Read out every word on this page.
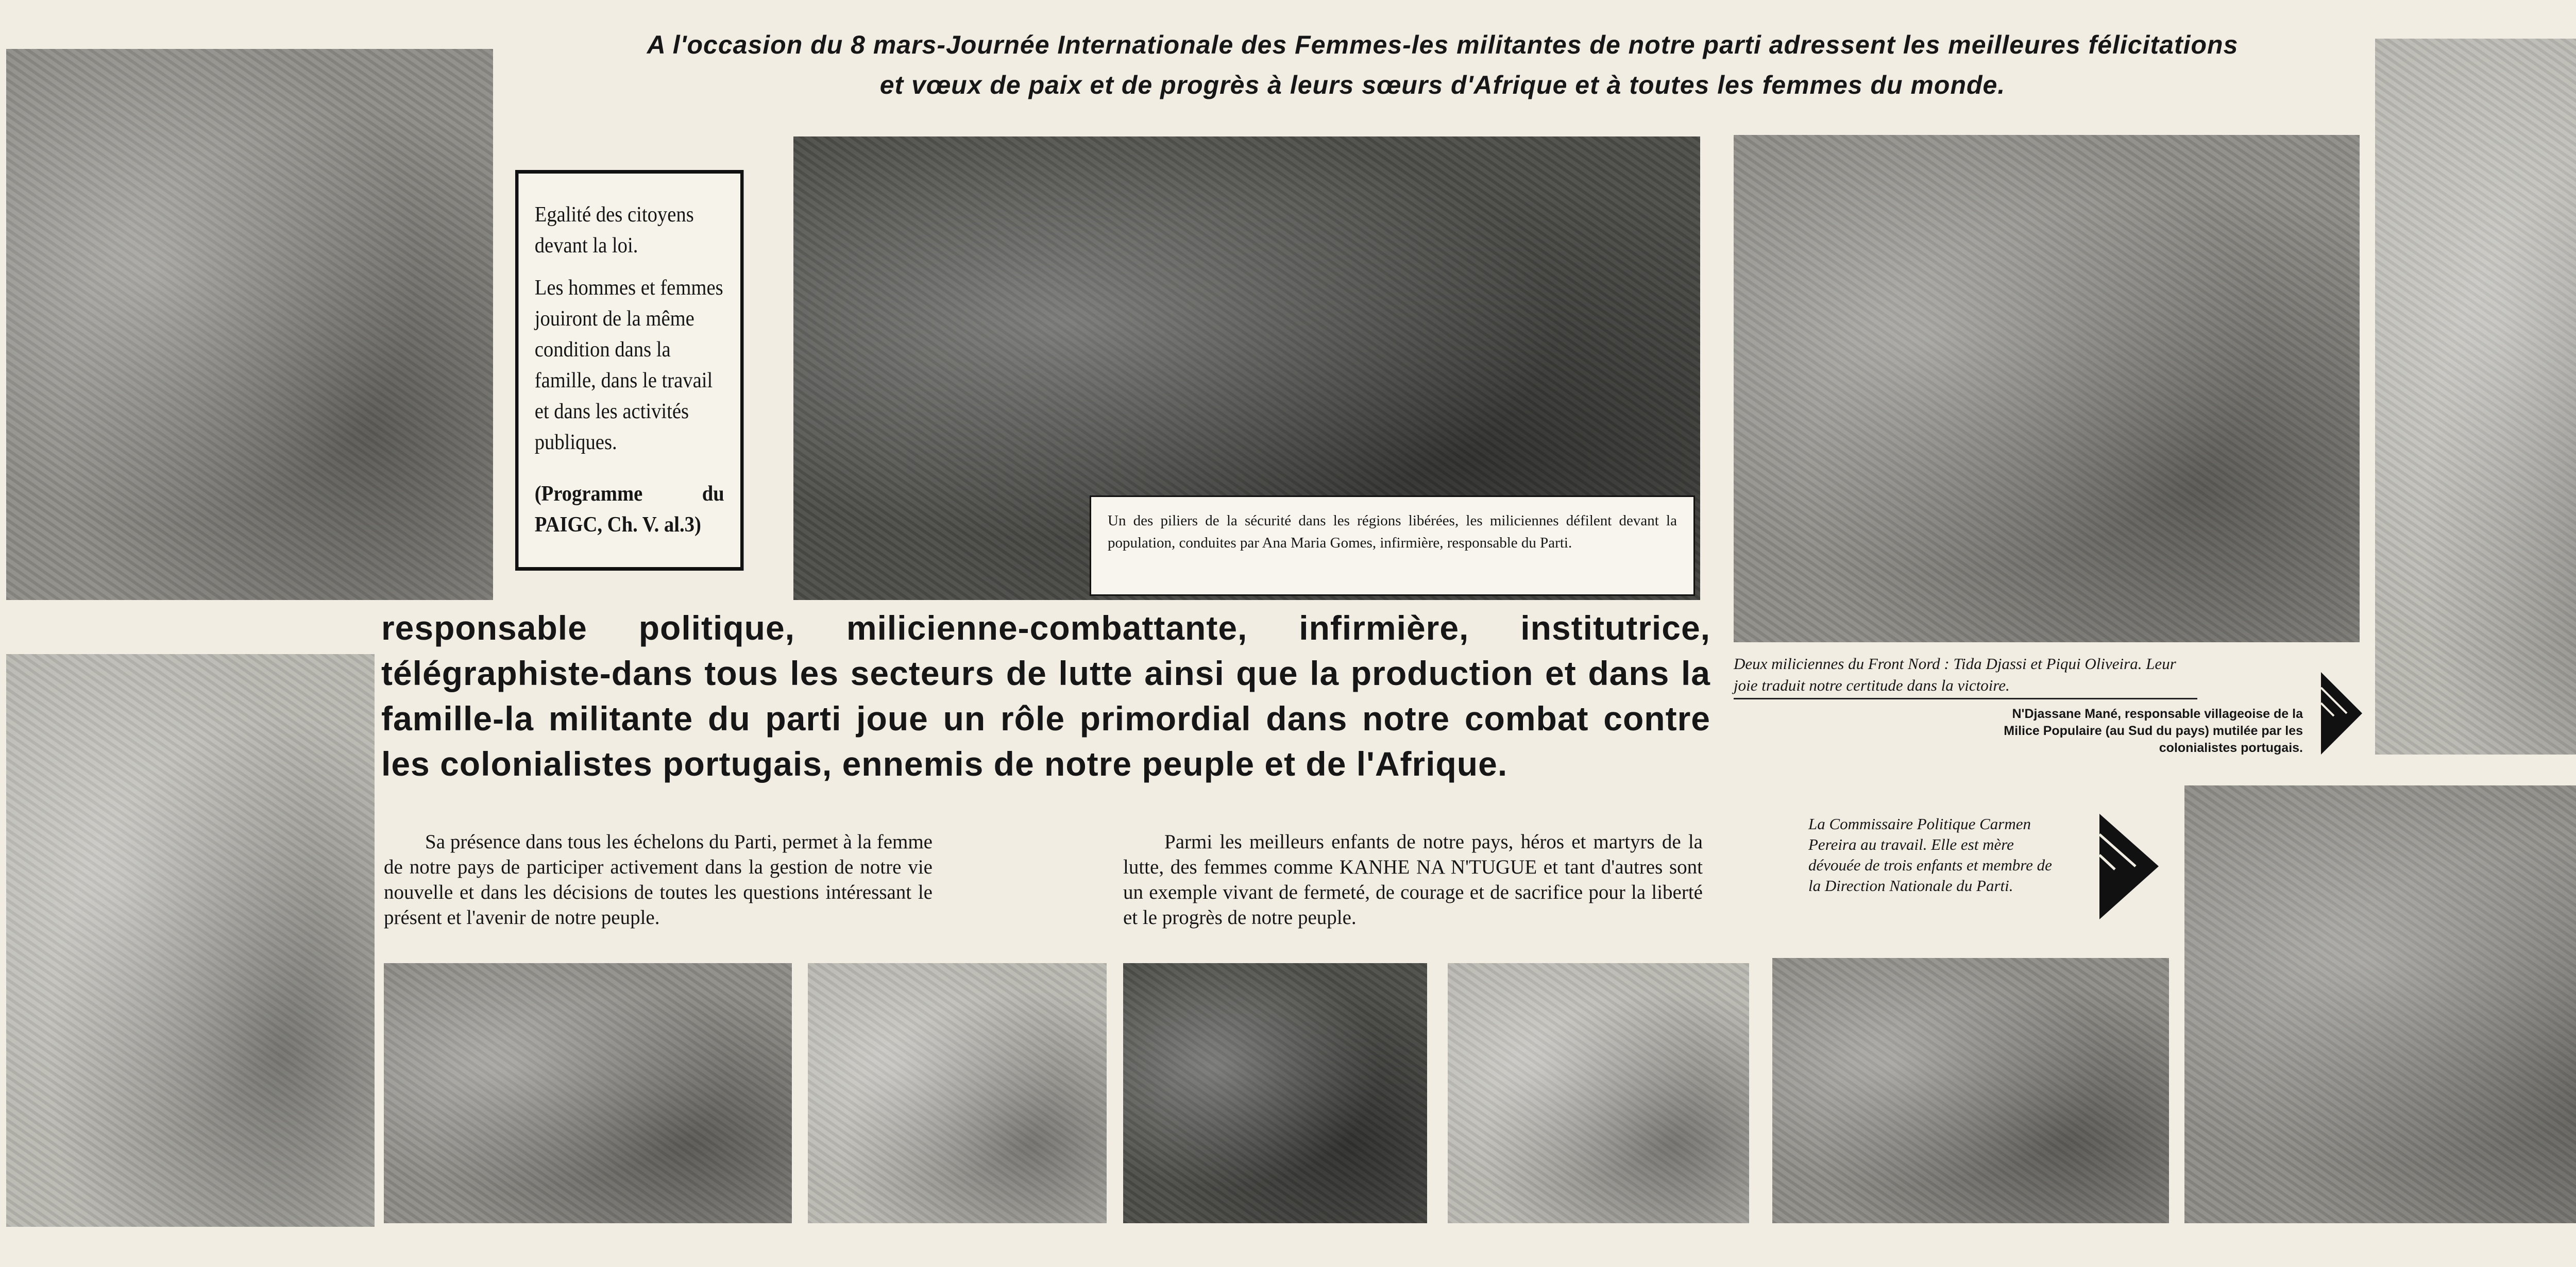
A l'occasion du 8 mars-Journée Internationale des Femmes-les militantes de notre parti adressent les meilleures félicitations
et vœux de paix et de progrès à leurs sœurs d'Afrique et à toutes les femmes du monde.

Egalité des citoyens devant la loi.

Les hommes et femmes jouiront de la même condition dans la famille, dans le travail et dans les activités publiques.

(Programme du PAIGC, Ch. V. al.3)	Un des piliers de la sécurité dans les régions libérées, les miliciennes défilent devant la population, conduites par Ana Maria Gomes, infirmière, responsable du Parti.
Deux miliciennes du Front Nord : Tida Djassi et Piqui Oliveira. Leur joie traduit notre certitude dans la victoire.
N'Djassane Mané, responsable villageoise de la Milice Populaire (au Sud du pays) mutilée par les colonialistes portugais.
responsable politique, milicienne-combattante, infirmière, institutrice, télégraphiste-dans tous les secteurs de lutte ainsi que la production et dans la famille-la militante du parti joue un rôle primordial dans notre combat contre les colonialistes portugais, ennemis de notre peuple et de l'Afrique.
Sa présence dans tous les échelons du Parti, permet à la femme de notre pays de participer activement dans la gestion de notre vie nouvelle et dans les décisions de toutes les questions intéressant le présent et l'avenir de notre peuple.
Parmi les meilleurs enfants de notre pays, héros et martyrs de la lutte, des femmes comme KANHE NA N'TUGUE et tant d'autres sont un exemple vivant de fermeté, de courage et de sacrifice pour la liberté et le progrès de notre peuple.
La Commissaire Politique Carmen Pereira au travail. Elle est mère dévouée de trois enfants et membre de la Direction Nationale du Parti.
